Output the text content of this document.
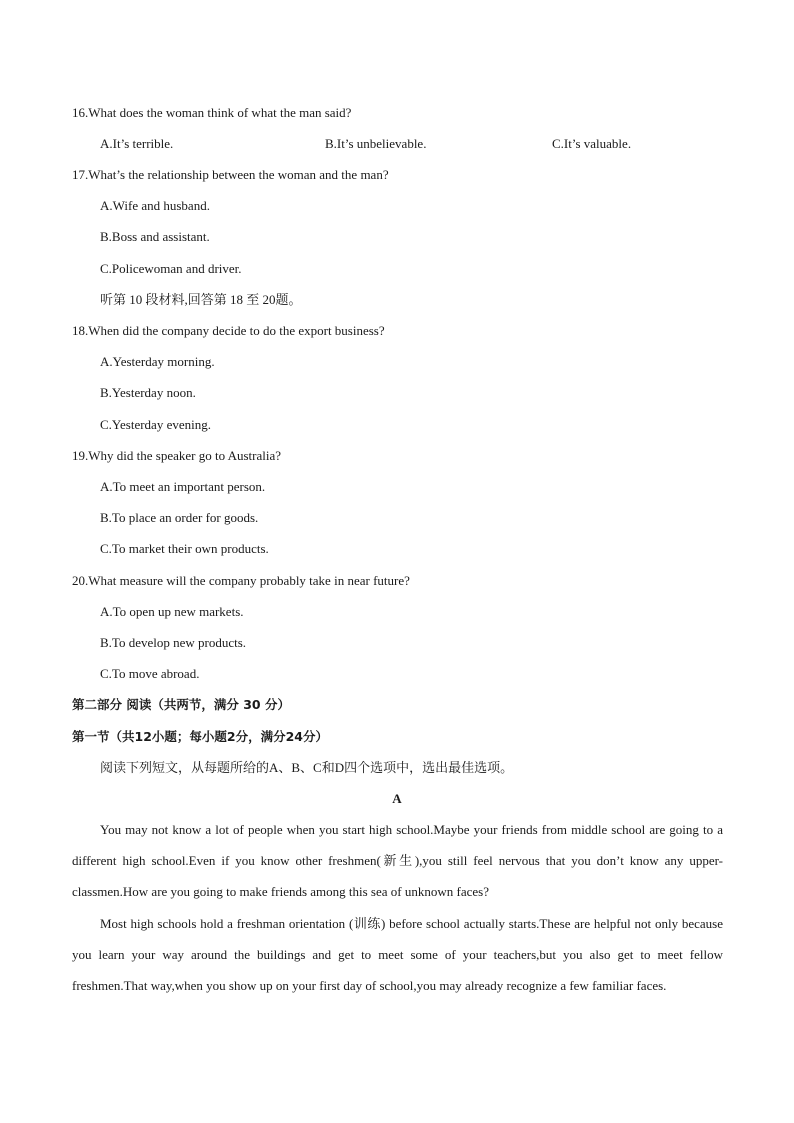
16.What does the woman think of what the man said?
A.It’s terrible.	B.It’s unbelievable.	C.It’s valuable.
17.What’s the relationship between the woman and the man?
A.Wife and husband.
B.Boss and assistant.
C.Policewoman and driver.
听第 10 段材料,回答第 18 至 20题。
18.When did the company decide to do the export business?
A.Yesterday morning.
B.Yesterday noon.
C.Yesterday evening.
19.Why did the speaker go to Australia?
A.To meet an important person.
B.To place an order for goods.
C.To market their own products.
20.What measure will the company probably take in near future?
A.To open up new markets.
B.To develop new products.
C.To move abroad.
第二部分 阅读（共两节，满分 30 分）
第一节（共12小题；每小题2分，满分24分）
阅读下列短文，从每题所给的A、B、C和D四个选项中，选出最佳选项。
A
You may not know a lot of people when you start high school.Maybe your friends from middle school are going to a different high school.Even if you know other freshmen(新生),you still feel nervous that you don’t know any upper-classmen.How are you going to make friends among this sea of unknown faces?
Most high schools hold a freshman orientation (训练) before school actually starts.These are helpful not only because you learn your way around the buildings and get to meet some of your teachers,but you also get to meet fellow freshmen.That way,when you show up on your first day of school,you may already recognize a few familiar faces.
